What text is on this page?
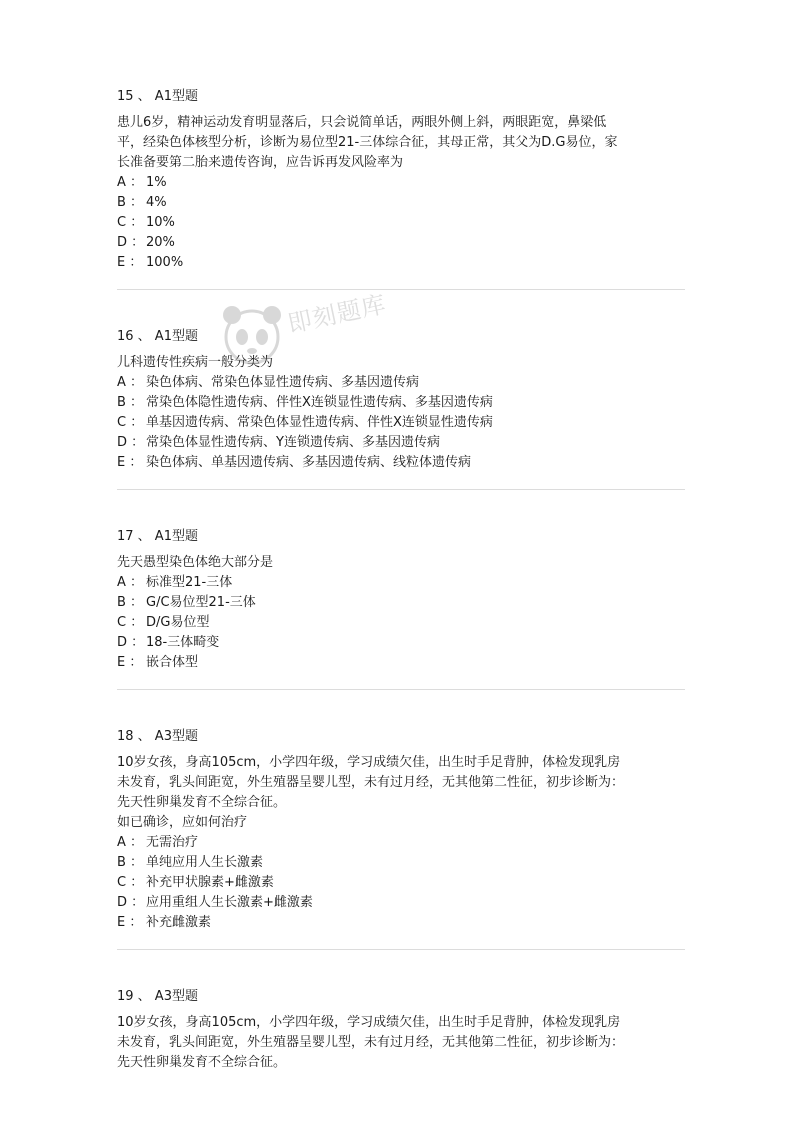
15 、 A1型题

患儿6岁，精神运动发育明显落后，只会说简单话，两眼外侧上斜，两眼距宽，鼻梁低

平，经染色体核型分析，诊断为易位型21-三体综合征，其母正常，其父为D.G易位，家

长准备要第二胎来遗传咨询，应告诉再发风险率为

A ： 1%
B ： 4%
C ： 10%
D ： 20%
E ： 100%
16 、 A1型题

儿科遗传性疾病一般分类为

A ： 染色体病、常染色体显性遗传病、多基因遗传病
B ： 常染色体隐性遗传病、伴性X连锁显性遗传病、多基因遗传病
C ： 单基因遗传病、常染色体显性遗传病、伴性X连锁显性遗传病
D ： 常染色体显性遗传病、Y连锁遗传病、多基因遗传病
E ： 染色体病、单基因遗传病、多基因遗传病、线粒体遗传病
17 、 A1型题

先天愚型染色体绝大部分是

A ： 标准型21-三体
B ： G/C易位型21-三体
C ： D/G易位型
D ： 18-三体畸变
E ： 嵌合体型
18 、 A3型题

10岁女孩，身高105cm，小学四年级，学习成绩欠佳，出生时手足背肿，体检发现乳房

未发育，乳头间距宽，外生殖器呈婴儿型，未有过月经，无其他第二性征，初步诊断为：

先天性卵巢发育不全综合征。

如已确诊，应如何治疗

A ： 无需治疗
B ： 单纯应用人生长激素
C ： 补充甲状腺素+雌激素
D ： 应用重组人生长激素+雌激素
E ： 补充雌激素
19 、 A3型题

10岁女孩，身高105cm，小学四年级，学习成绩欠佳，出生时手足背肿，体检发现乳房

未发育，乳头间距宽，外生殖器呈婴儿型，未有过月经，无其他第二性征，初步诊断为：

先天性卵巢发育不全综合征。

即刻题库
